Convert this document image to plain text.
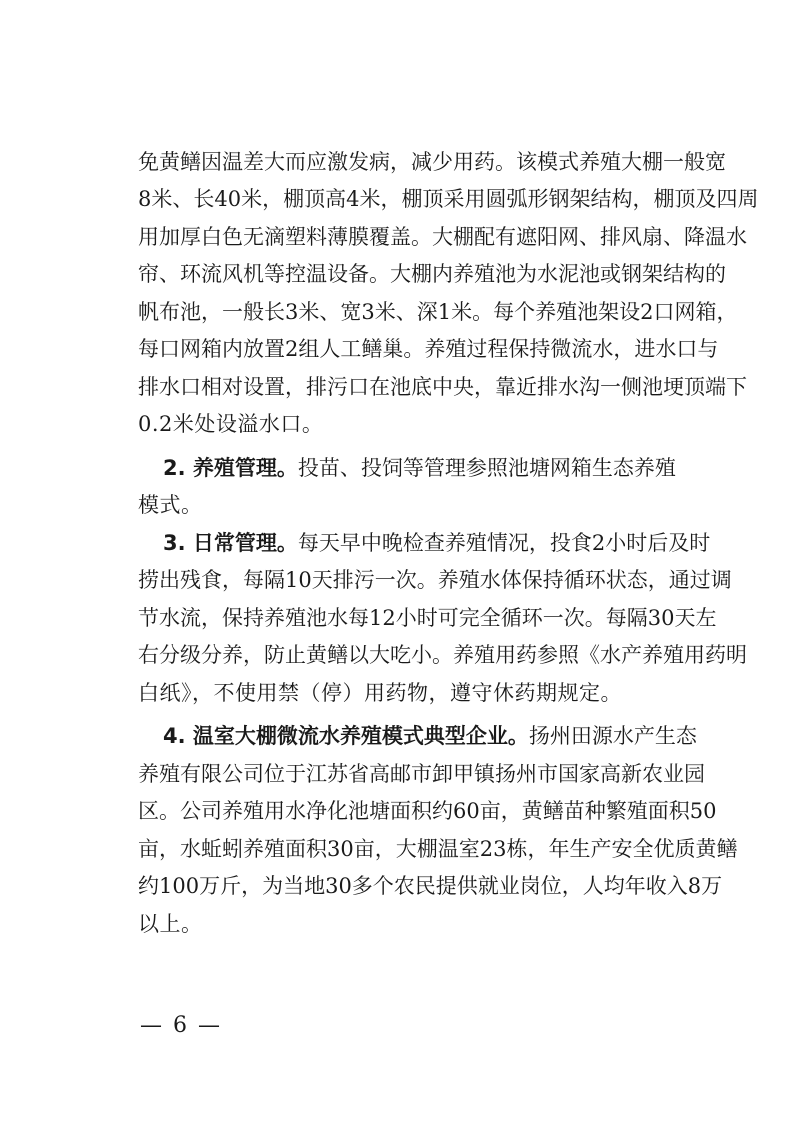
免黄鳝因温差大而应激发病，减少用药。该模式养殖大棚一般宽
8米、长40米，棚顶高4米，棚顶采用圆弧形钢架结构，棚顶及四周
用加厚白色无滴塑料薄膜覆盖。大棚配有遮阳网、排风扇、降温水
帘、环流风机等控温设备。大棚内养殖池为水泥池或钢架结构的
帆布池，一般长3米、宽3米、深1米。每个养殖池架设2口网箱，
每口网箱内放置2组人工鳝巢。养殖过程保持微流水，进水口与
排水口相对设置，排污口在池底中央，靠近排水沟一侧池埂顶端下
0.2米处设溢水口。
2. 养殖管理。投苗、投饲等管理参照池塘网箱生态养殖
模式。
3. 日常管理。每天早中晚检查养殖情况，投食2小时后及时
捞出残食，每隔10天排污一次。养殖水体保持循环状态，通过调
节水流，保持养殖池水每12小时可完全循环一次。每隔30天左
右分级分养，防止黄鳝以大吃小。养殖用药参照《水产养殖用药明
白纸》，不使用禁（停）用药物，遵守休药期规定。
4. 温室大棚微流水养殖模式典型企业。扬州田源水产生态
养殖有限公司位于江苏省高邮市卸甲镇扬州市国家高新农业园
区。公司养殖用水净化池塘面积约60亩，黄鳝苗种繁殖面积50
亩，水蚯蚓养殖面积30亩，大棚温室23栋，年生产安全优质黄鳝
约100万斤，为当地30多个农民提供就业岗位，人均年收入8万
以上。
— 6 —
